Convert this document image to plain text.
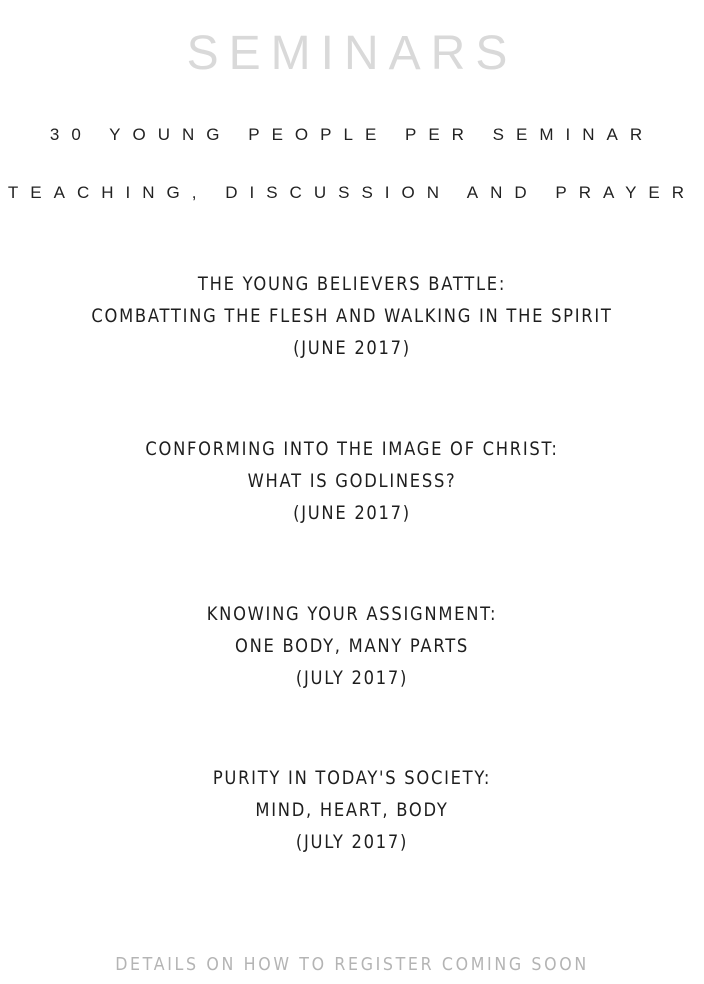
SEMINARS
30 YOUNG PEOPLE PER SEMINAR
TEACHING, DISCUSSION AND PRAYER
THE YOUNG BELIEVERS BATTLE:
COMBATTING THE FLESH AND WALKING IN THE SPIRIT
(JUNE 2017)
CONFORMING INTO THE IMAGE OF CHRIST:
WHAT IS GODLINESS?
(JUNE 2017)
KNOWING YOUR ASSIGNMENT:
ONE BODY, MANY PARTS
(JULY 2017)
PURITY IN TODAY'S SOCIETY:
MIND, HEART, BODY
(JULY 2017)
DETAILS ON HOW TO REGISTER COMING SOON
